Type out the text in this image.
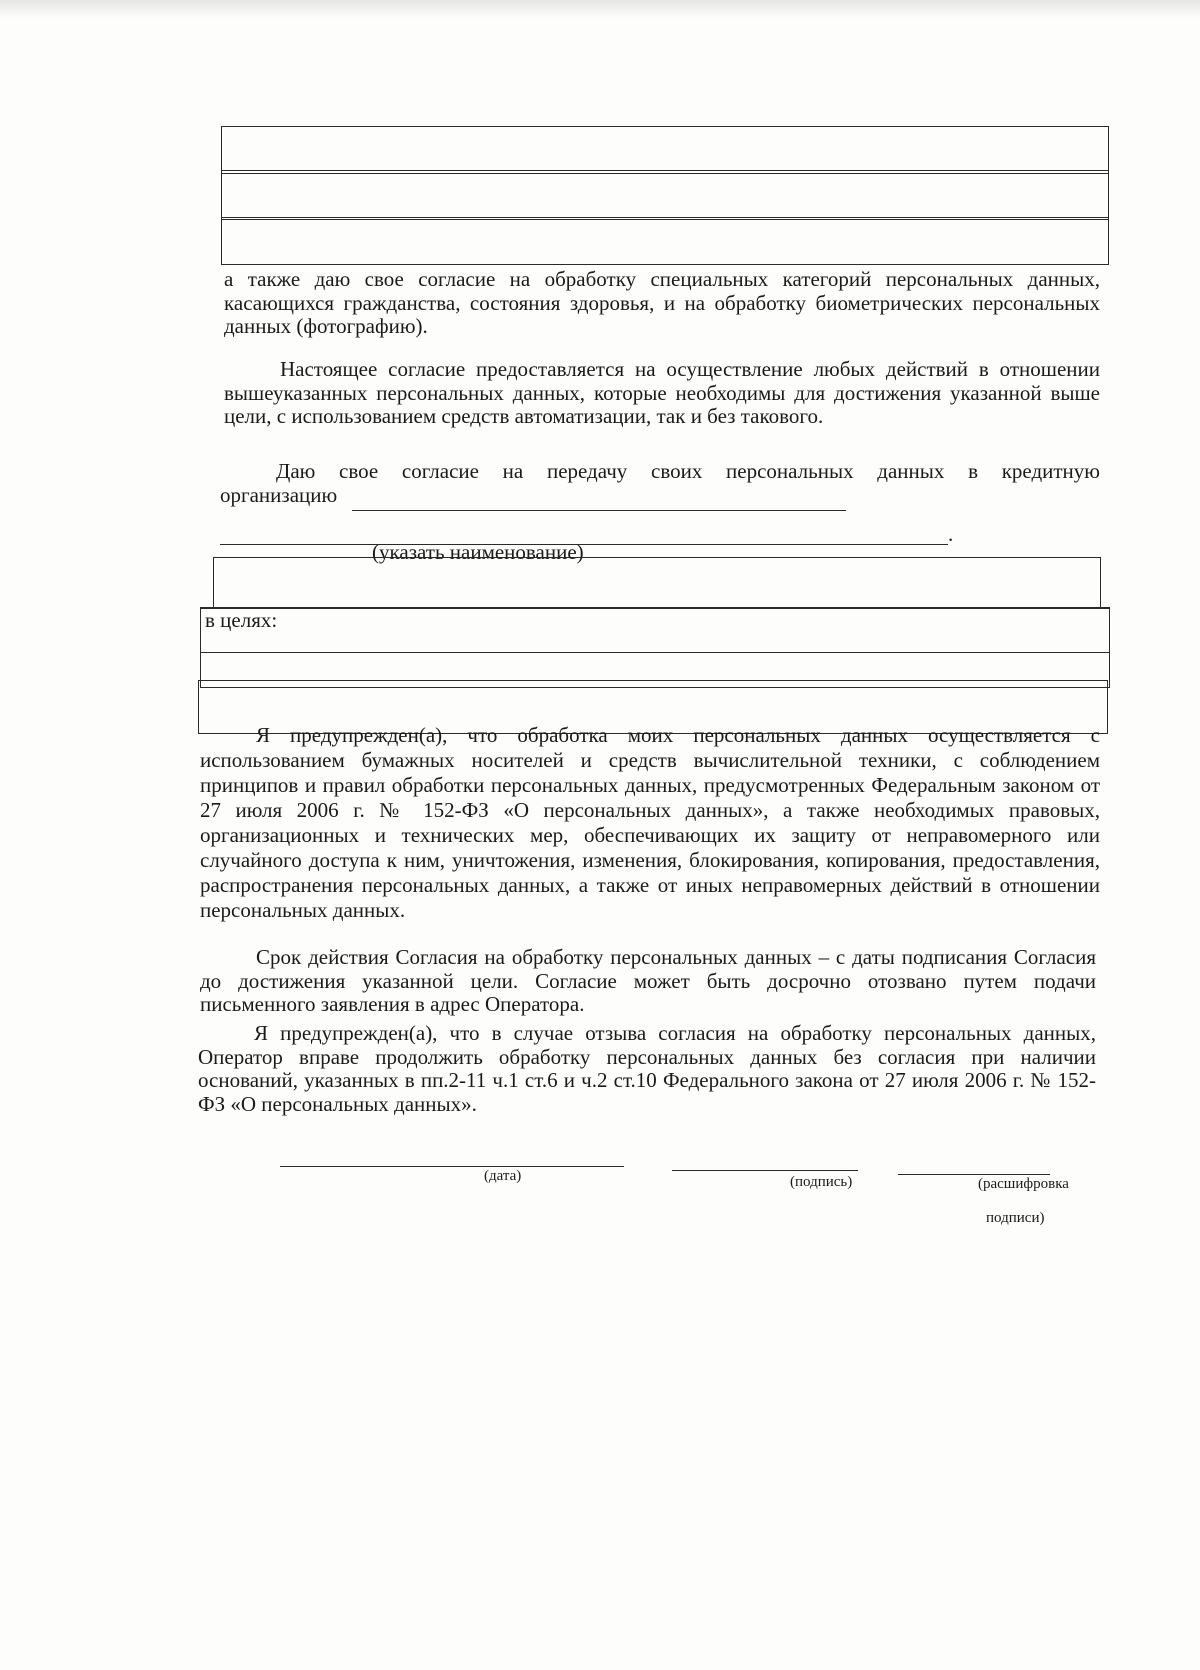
а также даю свое согласие на обработку специальных категорий персональных данных, касающихся гражданства, состояния здоровья, и на обработку биометрических персональных данных (фотографию).

Настоящее согласие предоставляется на осуществление любых действий в отношении вышеуказанных персональных данных, которые необходимы для достижения указанной выше цели, с использованием средств автоматизации, так и без такового.

Даю свое согласие на передачу своих персональных данных в кредитную

организацию
.
(указать наименование)
в целях:

Я предупрежден(а), что обработка моих персональных данных осуществляется с использованием бумажных носителей и средств вычислительной техники, с соблюдением принципов и правил обработки персональных данных, предусмотренных Федеральным законом от 27 июля 2006 г. № 152-ФЗ «О персональных данных», а также необходимых правовых, организационных и технических мер, обеспечивающих их защиту от неправомерного или случайного доступа к ним, уничтожения, изменения, блокирования, копирования, предоставления, распространения персональных данных, а также от иных неправомерных действий в отношении персональных данных.

Срок действия Согласия на обработку персональных данных – с даты подписания Согласия до достижения указанной цели. Согласие может быть досрочно отозвано путем подачи письменного заявления в адрес Оператора.

Я предупрежден(а), что в случае отзыва согласия на обработку персональных данных, Оператор вправе продолжить обработку персональных данных без согласия при наличии оснований, указанных в пп.2-11 ч.1 ст.6 и ч.2 ст.10 Федерального закона от 27 июля 2006 г. № 152-ФЗ «О персональных данных».

(дата)	(подпись)	(расшифровка
подписи)
